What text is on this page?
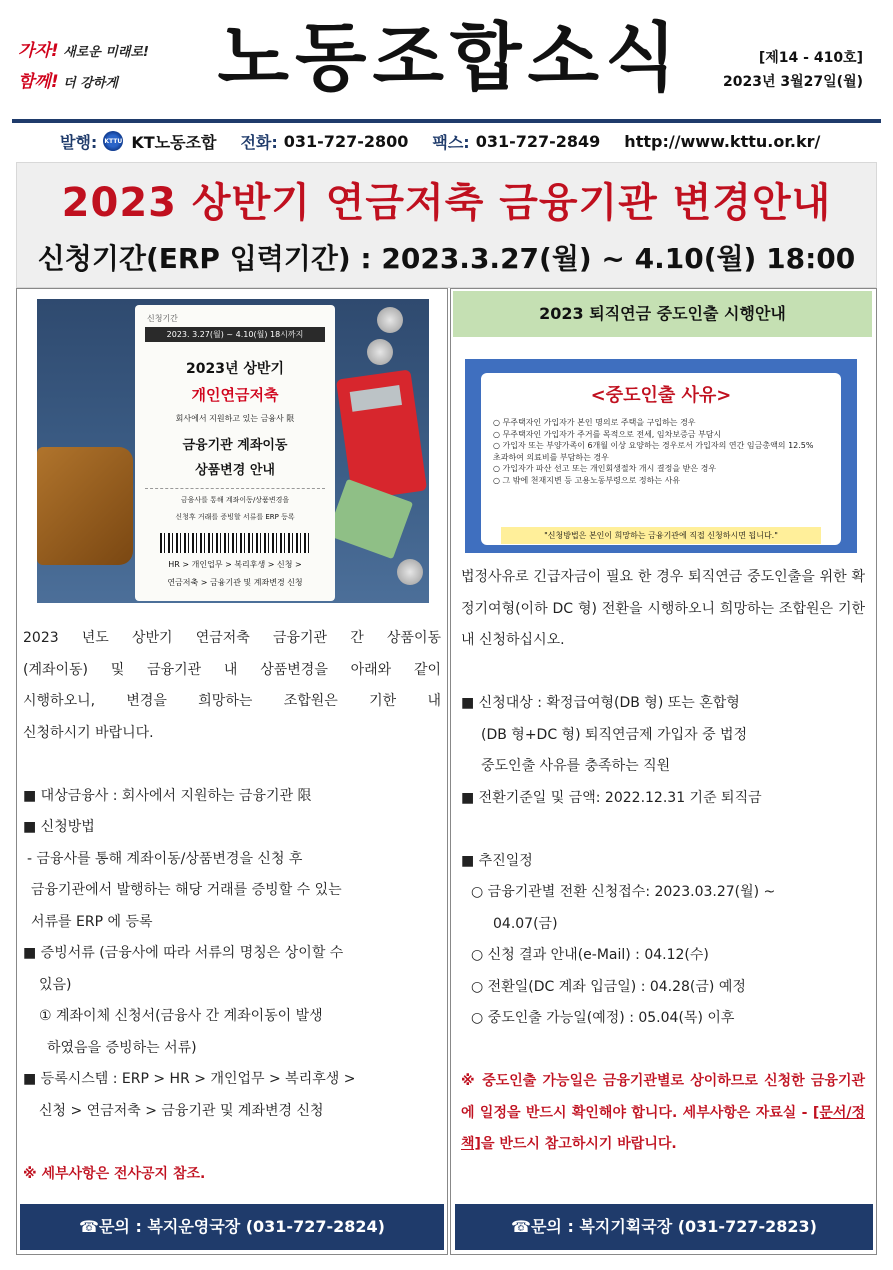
가자! 새로운 미래로!
함께! 더 강하게	노동조합소식	[제14 - 410호]
2023년 3월27일(월)
발행: KTTU KT노동조합 전화: 031-727-2800 팩스: 031-727-2849 http://www.kttu.or.kr/
2023 상반기 연금저축 금융기관 변경안내
신청기간(ERP 입력기간) : 2023.3.27(월) ~ 4.10(월) 18:00
신청기간
2023. 3.27(월) ~ 4.10(월) 18시까지
2023년 상반기
개인연금저축
회사에서 지원하고 있는 금융사 限
금융기관 계좌이동
상품변경 안내
금융사를 통해 계좌이동/상품변경을
신청후 거래를 증빙할 서류를 ERP 등록
HR > 개인업무 > 복리후생 > 신청 >
연금저축 > 금융기관 및 계좌변경 신청

2023 년도 상반기 연금저축 금융기관 간 상품이동

(계좌이동) 및 금융기관 내 상품변경을 아래와 같이

시행하오니, 변경을 희망하는 조합원은 기한 내

신청하시기 바랍니다.

■ 대상금융사 : 회사에서 지원하는 금융기관 限
■ 신청방법
- 금융사를 통해 계좌이동/상품변경을 신청 후
금융기관에서 발행하는 해당 거래를 증빙할 수 있는
서류를 ERP 에 등록
■ 증빙서류 (금융사에 따라 서류의 명칭은 상이할 수
있음)
① 계좌이체 신청서(금융사 간 계좌이동이 발생
하였음을 증빙하는 서류)
■ 등록시스템 : ERP > HR > 개인업무 > 복리후생 >
신청 > 연금저축 > 금융기관 및 계좌변경 신청
※ 세부사항은 전사공지 참조.
2023 퇴직연금 중도인출 시행안내
<중도인출 사유>
○ 무주택자인 가입자가 본인 명의로 주택을 구입하는 경우
○ 무주택자인 가입자가 주거를 목적으로 전세, 임차보증금 부담시
○ 가입자 또는 부양가족이 6개월 이상 요양하는 경우로서 가입자의 연간 임금총액의 12.5% 초과하여 의료비를 부담하는 경우
○ 가입자가 파산 선고 또는 개인회생절차 개시 결정을 받은 경우
○ 그 밖에 천재지변 등 고용노동부령으로 정하는 사유
"신청방법은 본인이 희망하는 금융기관에 직접 신청하시면 됩니다."

법정사유로 긴급자금이 필요 한 경우 퇴직연금 중도인출을 위한 확정기여형(이하 DC 형) 전환을 시행하오니 희망하는 조합원은 기한 내 신청하십시오.

■ 신청대상 : 확정급여형(DB 형) 또는 혼합형
(DB 형+DC 형) 퇴직연금제 가입자 중 법정
중도인출 사유를 충족하는 직원
■ 전환기준일 및 금액: 2022.12.31 기준 퇴직금
■ 추진일정
○ 금융기관별 전환 신청접수: 2023.03.27(월) ~
04.07(금)
○ 신청 결과 안내(e-Mail) : 04.12(수)
○ 전환일(DC 계좌 입금일) : 04.28(금) 예정
○ 중도인출 가능일(예정) : 05.04(목) 이후

※ 중도인출 가능일은 금융기관별로 상이하므로 신청한 금융기관에 일정을 반드시 확인해야 합니다. 세부사항은 자료실 - [문서/정책]을 반드시 참고하시기 바랍니다.

☎문의 : 복지운영국장 (031-727-2824)	☎문의 : 복지기획국장 (031-727-2823)
